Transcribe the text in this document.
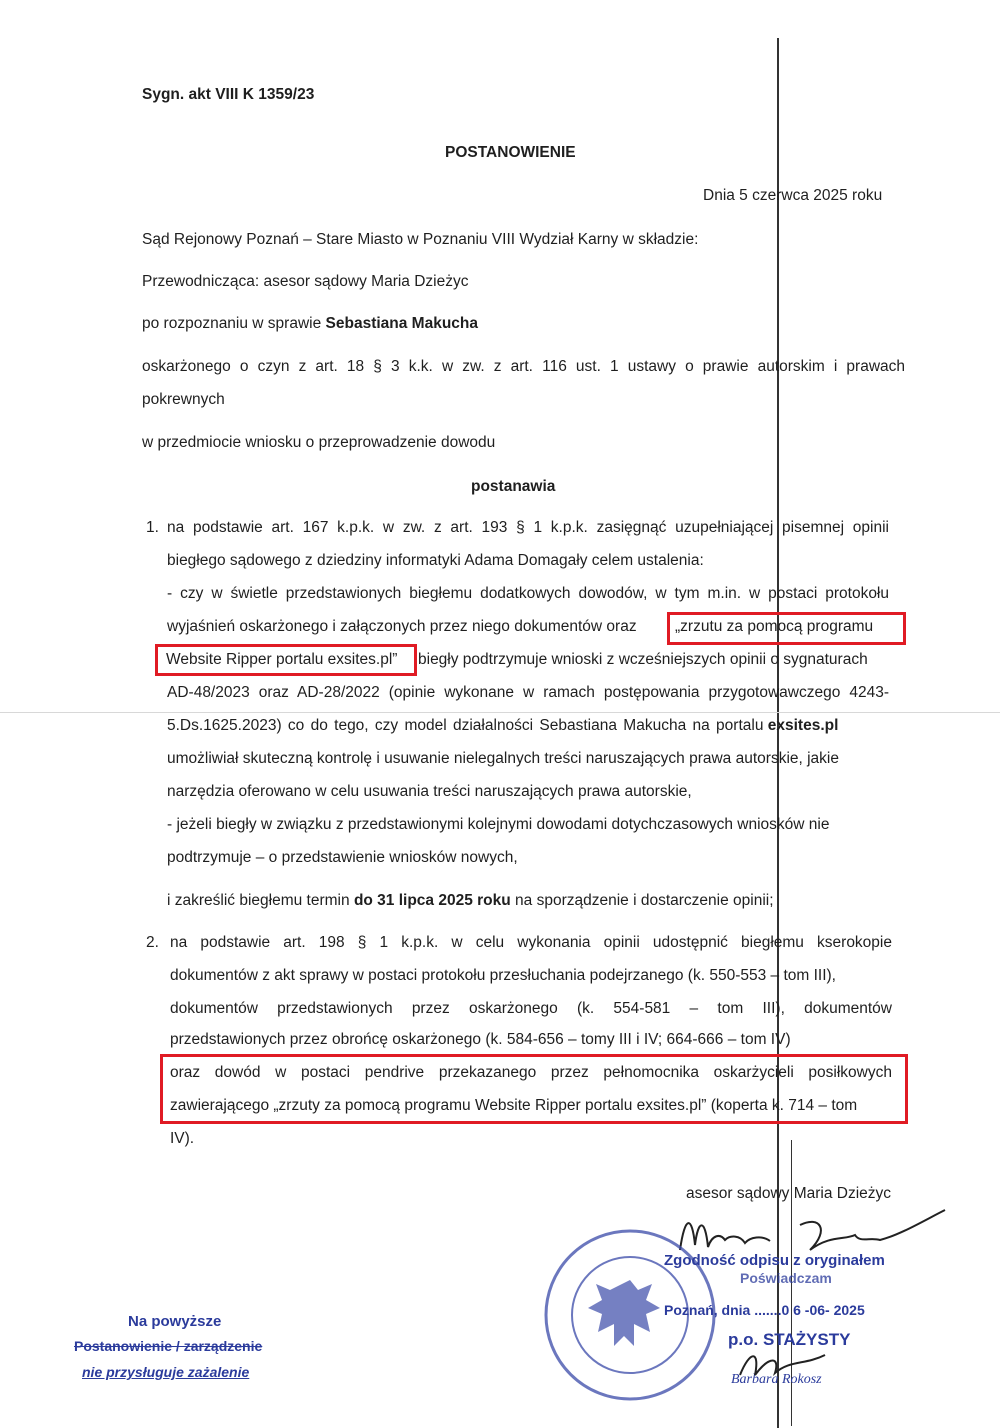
Sygn. akt VIII K 1359/23
POSTANOWIENIE
Dnia 5 czerwca 2025 roku
Sąd Rejonowy Poznań – Stare Miasto w Poznaniu VIII Wydział Karny w składzie:
Przewodnicząca: asesor sądowy Maria Dzieżyc
po rozpoznaniu w sprawie Sebastiana Makucha
oskarżonego o czyn z art. 18 § 3 k.k. w zw. z art. 116 ust. 1 ustawy o prawie autorskim i prawach
pokrewnych
w przedmiocie wniosku o przeprowadzenie dowodu
postanawia
1. na podstawie art. 167 k.p.k. w zw. z art. 193 § 1 k.p.k. zasięgnąć uzupełniającej pisemnej opinii
biegłego sądowego z dziedziny informatyki Adama Domagały celem ustalenia:
- czy w świetle przedstawionych biegłemu dodatkowych dowodów, w tym m.in. w postaci protokołu
wyjaśnień oskarżonego i załączonych przez niego dokumentów oraz „zrzutu za pomocą programu
Website Ripper portalu exsites.pl” biegły podtrzymuje wnioski z wcześniejszych opinii o sygnaturach
AD-48/2023 oraz AD-28/2022 (opinie wykonane w ramach postępowania przygotowawczego 4243-
5.Ds.1625.2023) co do tego, czy model działalności Sebastiana Makucha na portalu exsites.pl
umożliwiał skuteczną kontrolę i usuwanie nielegalnych treści naruszających prawa autorskie, jakie
narzędzia oferowano w celu usuwania treści naruszających prawa autorskie,
- jeżeli biegły w związku z przedstawionymi kolejnymi dowodami dotychczasowych wniosków nie
podtrzymuje – o przedstawienie wniosków nowych,
i zakreślić biegłemu termin do 31 lipca 2025 roku na sporządzenie i dostarczenie opinii;
2. na podstawie art. 198 § 1 k.p.k. w celu wykonania opinii udostępnić biegłemu kserokopie
dokumentów z akt sprawy w postaci protokołu przesłuchania podejrzanego (k. 550-553 – tom III),
dokumentów przedstawionych przez oskarżonego (k. 554-581 – tom III), dokumentów
przedstawionych przez obrońcę oskarżonego (k. 584-656 – tomy III i IV; 664-666 – tom IV)
oraz dowód w postaci pendrive przekazanego przez pełnomocnika oskarżycieli posiłkowych
zawierającego „zrzuty za pomocą programu Website Ripper portalu exsites.pl” (koperta k. 714 – tom
IV).
asesor sądowy Maria Dzieżyc
Zgodność odpisu z oryginałem
Poświadczam
Poznań, dnia .......0 6 -06- 2025
p.o. STAŻYSTY
Barbara Rokosz
Na powyższe
Postanowienie / zarządzenie
nie przysługuje zażalenie
